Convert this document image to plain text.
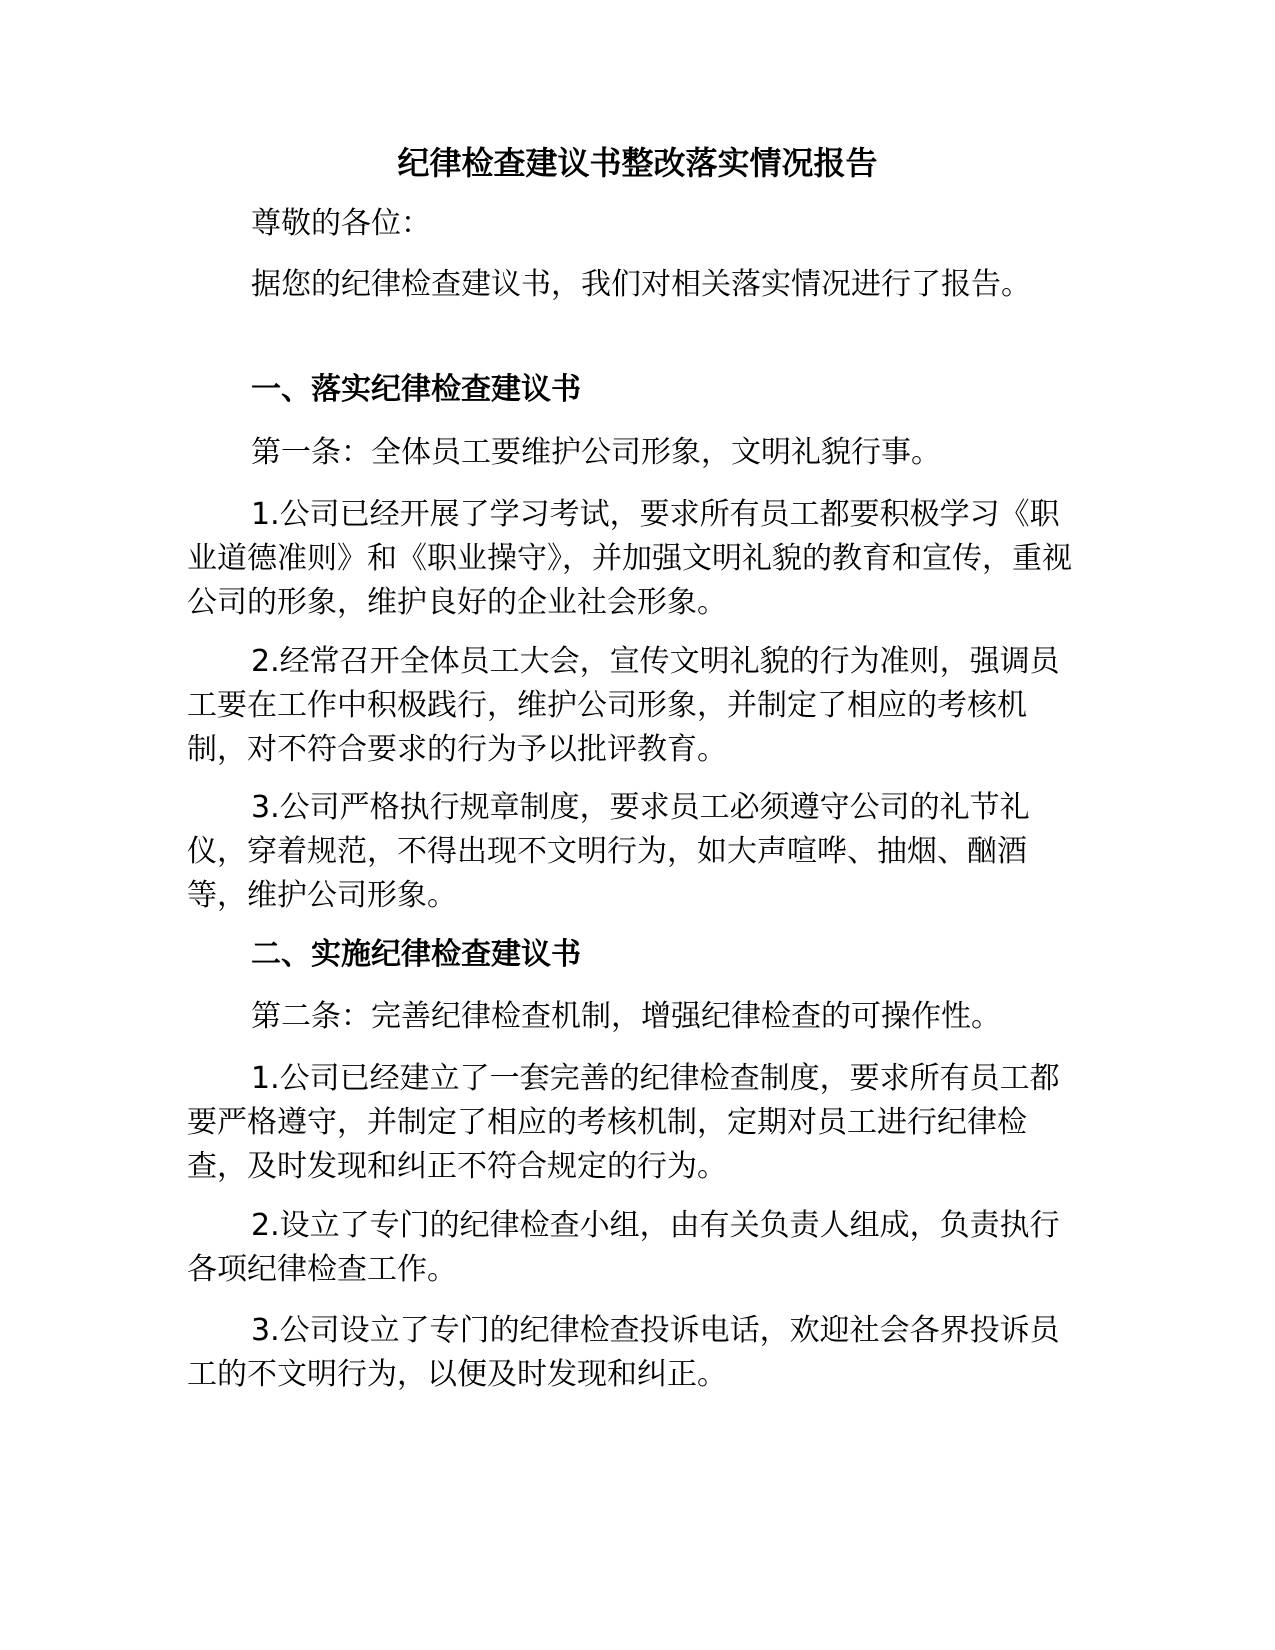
纪律检查建议书整改落实情况报告

尊敬的各位：

据您的纪律检查建议书，我们对相关落实情况进行了报告。

一、落实纪律检查建议书

第一条：全体员工要维护公司形象，文明礼貌行事。

1.公司已经开展了学习考试，要求所有员工都要积极学习《职业道德准则》和《职业操守》，并加强文明礼貌的教育和宣传，重视公司的形象，维护良好的企业社会形象。

2.经常召开全体员工大会，宣传文明礼貌的行为准则，强调员工要在工作中积极践行，维护公司形象，并制定了相应的考核机制，对不符合要求的行为予以批评教育。

3.公司严格执行规章制度，要求员工必须遵守公司的礼节礼仪，穿着规范，不得出现不文明行为，如大声喧哗、抽烟、酗酒等，维护公司形象。

二、实施纪律检查建议书

第二条：完善纪律检查机制，增强纪律检查的可操作性。

1.公司已经建立了一套完善的纪律检查制度，要求所有员工都要严格遵守，并制定了相应的考核机制，定期对员工进行纪律检查，及时发现和纠正不符合规定的行为。

2.设立了专门的纪律检查小组，由有关负责人组成，负责执行各项纪律检查工作。

3.公司设立了专门的纪律检查投诉电话，欢迎社会各界投诉员工的不文明行为，以便及时发现和纠正。
